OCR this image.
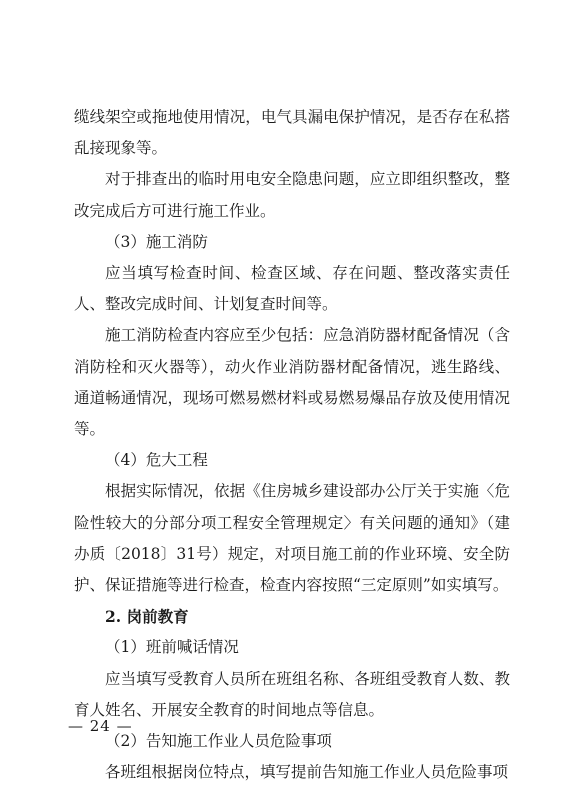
缆线架空或拖地使用情况，电气具漏电保护情况，是否存在私搭乱接现象等。

对于排查出的临时用电安全隐患问题，应立即组织整改，整改完成后方可进行施工作业。

（3）施工消防

应当填写检查时间、检查区域、存在问题、整改落实责任人、整改完成时间、计划复查时间等。

施工消防检查内容应至少包括：应急消防器材配备情况（含消防栓和灭火器等），动火作业消防器材配备情况，逃生路线、通道畅通情况，现场可燃易燃材料或易燃易爆品存放及使用情况等。

（4）危大工程

根据实际情况，依据《住房城乡建设部办公厅关于实施〈危险性较大的分部分项工程安全管理规定〉有关问题的通知》（建办质〔2018〕31号）规定，对项目施工前的作业环境、安全防护、保证措施等进行检查，检查内容按照“三定原则”如实填写。

2. 岗前教育

（1）班前喊话情况

应当填写受教育人员所在班组名称、各班组受教育人数、教育人姓名、开展安全教育的时间地点等信息。

（2）告知施工作业人员危险事项

各班组根据岗位特点，填写提前告知施工作业人员危险事项

— 24 —
